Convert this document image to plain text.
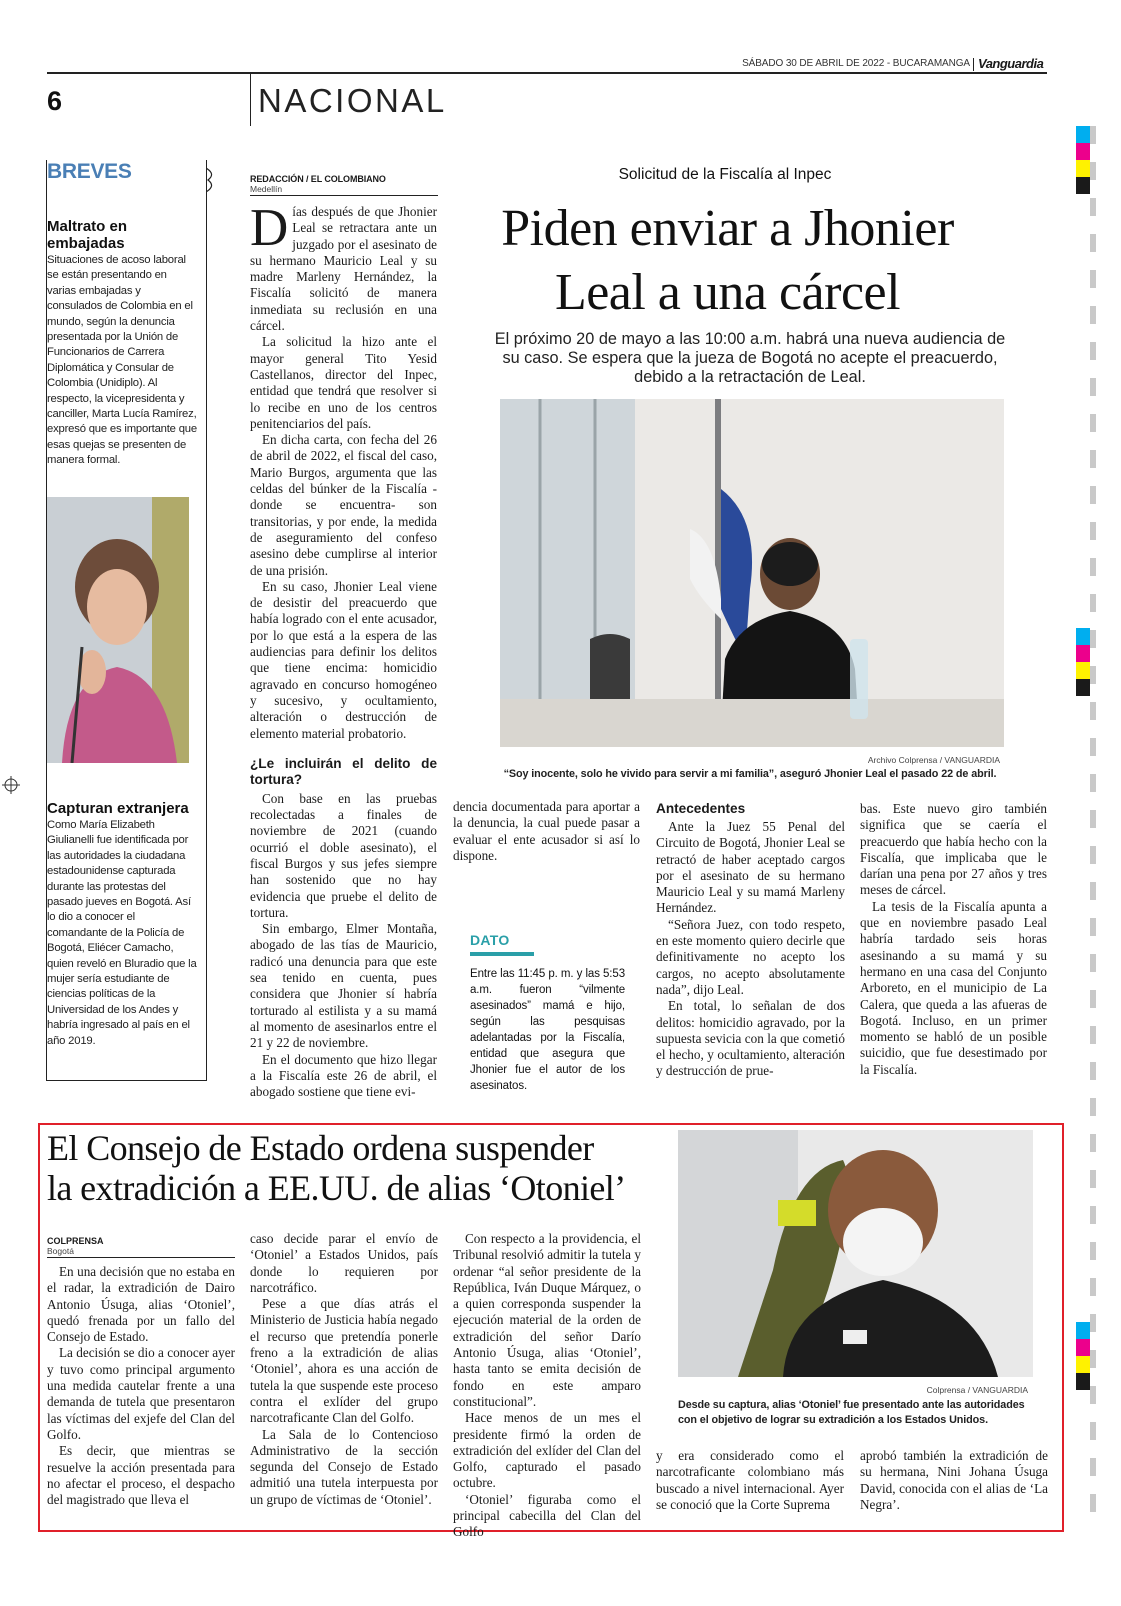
SÁBADO 30 DE ABRIL DE 2022 - BUCARAMANGA Vanguardia
6	NACIONAL
BREVES
Maltrato en embajadas
Situaciones de acoso laboral se están presentando en varias embajadas y consulados de Colombia en el mundo, según la denuncia presentada por la Unión de Funcionarios de Carrera Diplomática y Consular de Colombia (Unidiplo). Al respecto, la vicepresidenta y canciller, Marta Lucía Ramírez, expresó que es importante que esas quejas se presenten de manera formal.
Capturan extranjera
Como María Elizabeth Giulianelli fue identificada por las autoridades la ciudadana estadounidense capturada durante las protestas del pasado jueves en Bogotá. Así lo dio a conocer el comandante de la Policía de Bogotá, Eliécer Camacho, quien reveló en Bluradio que la mujer sería estudiante de ciencias políticas de la Universidad de los Andes y habría ingresado al país en el año 2019.
REDACCIÓN / EL COLOMBIANO
Medellín
Solicitud de la Fiscalía al Inpec
Piden enviar a Jhonier
Leal a una cárcel
El próximo 20 de mayo a las 10:00 a.m. habrá una nueva audiencia de su caso. Se espera que la jueza de Bogotá no acepte el preacuerdo, debido a la retractación de Leal.
Archivo Colprensa / VANGUARDIA
“Soy inocente, solo he vivido para servir a mi familia”, aseguró Jhonier Leal el pasado 22 de abril.
D ías después de que Jhonier Leal se retractara ante un juzgado por el asesinato de su hermano Mauricio Leal y su madre Marleny Hernández, la Fiscalía solicitó de manera inmediata su reclusión en una cárcel.

La solicitud la hizo ante el mayor general Tito Yesid Castellanos, director del Inpec, entidad que tendrá que resolver si lo recibe en uno de los centros penitenciarios del país.

En dicha carta, con fecha del 26 de abril de 2022, el fiscal del caso, Mario Burgos, argumenta que las celdas del búnker de la Fiscalía -donde se encuentra- son transitorias, y por ende, la medida de aseguramiento del confeso asesino debe cumplirse al interior de una prisión.

En su caso, Jhonier Leal viene de desistir del preacuerdo que había logrado con el ente acusador, por lo que está a la espera de las audiencias para definir los delitos que tiene encima: homicidio agravado en concurso homogéneo y sucesivo, y ocultamiento, alteración o destrucción de elemento material probatorio.

¿Le incluirán el delito de tortura?

Con base en las pruebas recolectadas a finales de noviembre de 2021 (cuando ocurrió el doble asesinato), el fiscal Burgos y sus jefes siempre han sostenido que no hay evidencia que pruebe el delito de tortura.

Sin embargo, Elmer Montaña, abogado de las tías de Mauricio, radicó una denuncia para que este sea tenido en cuenta, pues considera que Jhonier sí habría torturado al estilista y a su mamá al momento de asesinarlos entre el 21 y 22 de noviembre.

En el documento que hizo llegar a la Fiscalía este 26 de abril, el abogado sostiene que tiene evi-

dencia documentada para aportar a la denuncia, la cual puede pasar a evaluar el ente acusador si así lo dispone.

DATO
Entre las 11:45 p. m. y las 5:53 a.m. fueron “vilmente asesinados” mamá e hijo, según las pesquisas adelantadas por la Fiscalía, entidad que asegura que Jhonier fue el autor de los asesinatos.
Antecedentes

Ante la Juez 55 Penal del Circuito de Bogotá, Jhonier Leal se retractó de haber aceptado cargos por el asesinato de su hermano Mauricio Leal y su mamá Marleny Hernández.

“Señora Juez, con todo respeto, en este momento quiero decirle que definitivamente no acepto los cargos, no acepto absolutamente nada”, dijo Leal.

En total, lo señalan de dos delitos: homicidio agravado, por la supuesta sevicia con la que cometió el hecho, y ocultamiento, alteración y destrucción de prue-

bas. Este nuevo giro también significa que se caería el preacuerdo que había hecho con la Fiscalía, que implicaba que le darían una pena por 27 años y tres meses de cárcel.

La tesis de la Fiscalía apunta a que en noviembre pasado Leal habría tardado seis horas asesinando a su mamá y su hermano en una casa del Conjunto Arboreto, en el municipio de La Calera, que queda a las afueras de Bogotá. Incluso, en un primer momento se habló de un posible suicidio, que fue desestimado por la Fiscalía.

El Consejo de Estado ordena suspender
la extradición a EE.UU. de alias ‘Otoniel’
COLPRENSA
Bogotá
Colprensa / VANGUARDIA
Desde su captura, alias ‘Otoniel’ fue presentado ante las autoridades con el objetivo de lograr su extradición a los Estados Unidos.

En una decisión que no estaba en el radar, la extradición de Dairo Antonio Úsuga, alias ‘Otoniel’, quedó frenada por un fallo del Consejo de Estado.

La decisión se dio a conocer ayer y tuvo como principal argumento una medida cautelar frente a una demanda de tutela que presentaron las víctimas del exjefe del Clan del Golfo.

Es decir, que mientras se resuelve la acción presentada para no afectar el proceso, el despacho del magistrado que lleva el

caso decide parar el envío de ‘Otoniel’ a Estados Unidos, país donde lo requieren por narcotráfico.

Pese a que días atrás el Ministerio de Justicia había negado el recurso que pretendía ponerle freno a la extradición de alias ‘Otoniel’, ahora es una acción de tutela la que suspende este proceso contra el exlíder del grupo narcotraficante Clan del Golfo.

La Sala de lo Contencioso Administrativo de la sección segunda del Consejo de Estado admitió una tutela interpuesta por un grupo de víctimas de ‘Otoniel’.

Con respecto a la providencia, el Tribunal resolvió admitir la tutela y ordenar “al señor presidente de la República, Iván Duque Márquez, o a quien corresponda suspender la ejecución material de la orden de extradición del señor Darío Antonio Úsuga, alias ‘Otoniel’, hasta tanto se emita decisión de fondo en este amparo constitucional”.

Hace menos de un mes el presidente firmó la orden de extradición del exlíder del Clan del Golfo, capturado el pasado octubre.

‘Otoniel’ figuraba como el principal cabecilla del Clan del Golfo

y era considerado como el narcotraficante colombiano más buscado a nivel internacional. Ayer se conoció que la Corte Suprema

aprobó también la extradición de su hermana, Nini Johana Úsuga David, conocida con el alias de ‘La Negra’.
